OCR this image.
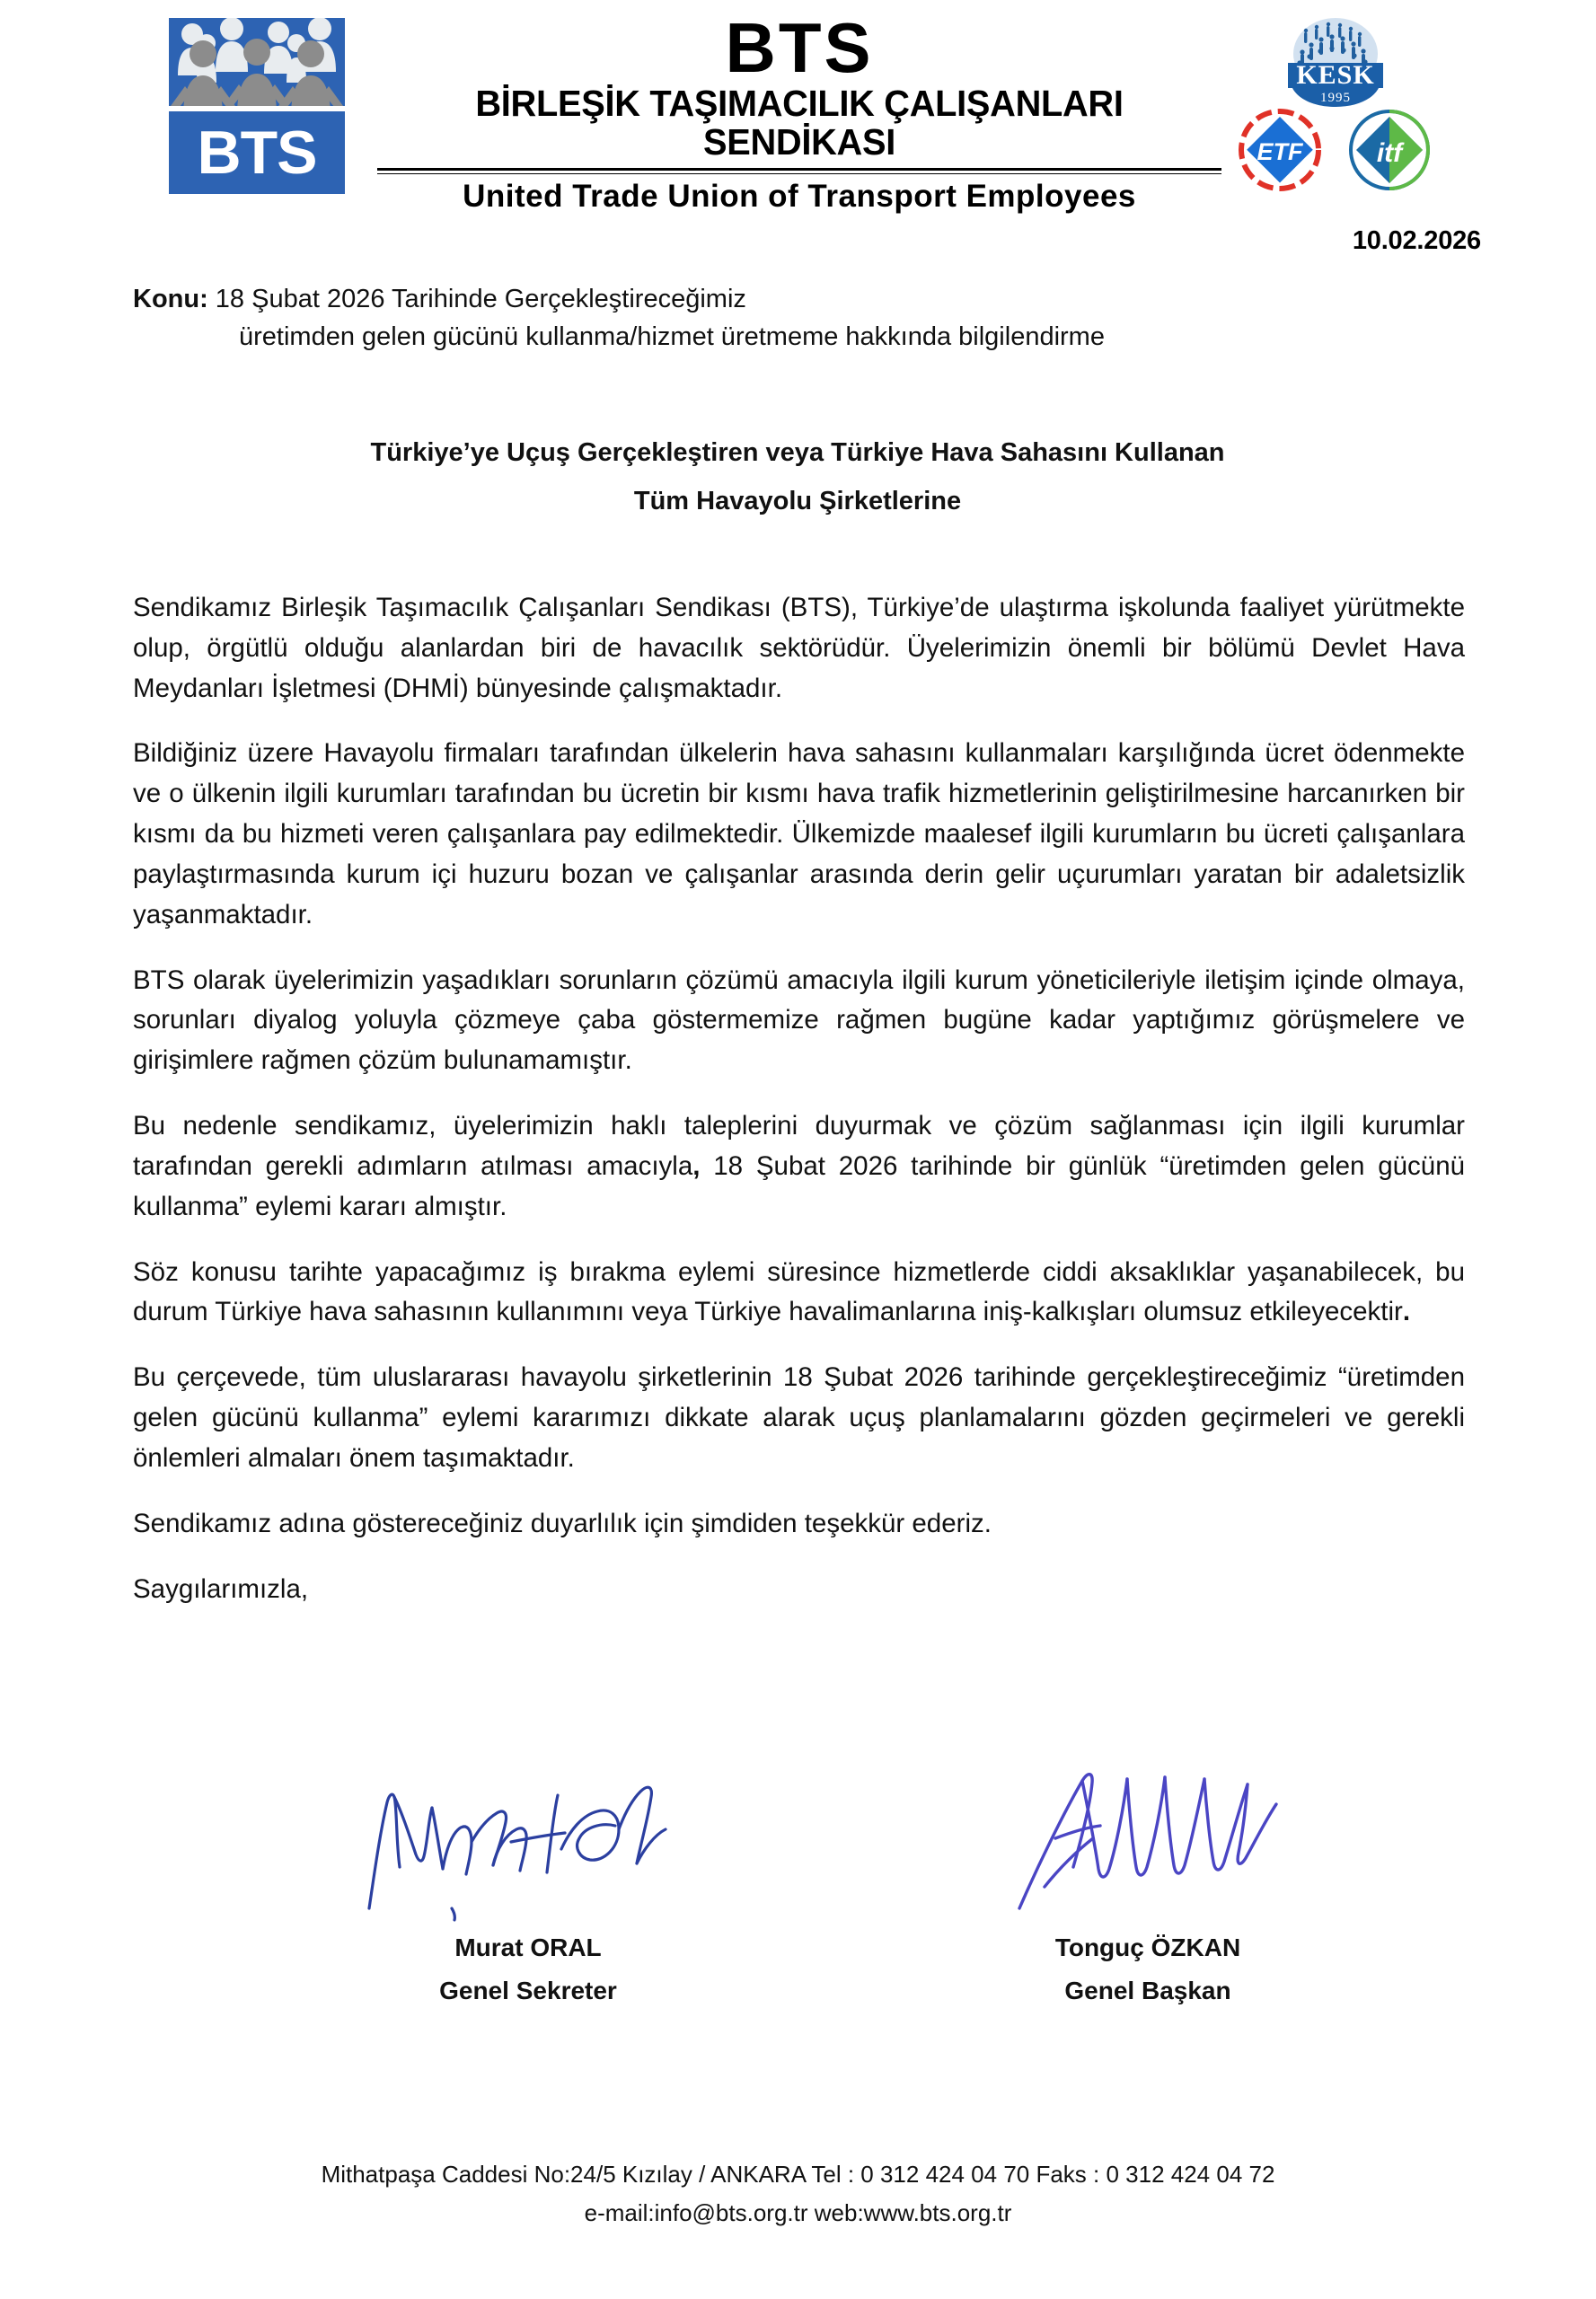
BTS
BTS
BİRLEŞİK TAŞIMACILIK ÇALIŞANLARI SENDİKASI
United Trade Union of Transport Employees
KESK
1995
ETF	itf
10.02.2026
Konu: 18 Şubat 2026 Tarihinde Gerçekleştireceğimiz
üretimden gelen gücünü kullanma/hizmet üretmeme hakkında bilgilendirme
Türkiye’ye Uçuş Gerçekleştiren veya Türkiye Hava Sahasını Kullanan
Tüm Havayolu Şirketlerine

Sendikamız Birleşik Taşımacılık Çalışanları Sendikası (BTS), Türkiye’de ulaştırma işkolunda faaliyet yürütmekte olup, örgütlü olduğu alanlardan biri de havacılık sektörüdür. Üyelerimizin önemli bir bölümü Devlet Hava Meydanları İşletmesi (DHMİ) bünyesinde çalışmaktadır.

Bildiğiniz üzere Havayolu firmaları tarafından ülkelerin hava sahasını kullanmaları karşılığında ücret ödenmekte ve o ülkenin ilgili kurumları tarafından bu ücretin bir kısmı hava trafik hizmetlerinin geliştirilmesine harcanırken bir kısmı da bu hizmeti veren çalışanlara pay edilmektedir. Ülkemizde maalesef ilgili kurumların bu ücreti çalışanlara paylaştırmasında kurum içi huzuru bozan ve çalışanlar arasında derin gelir uçurumları yaratan bir adaletsizlik yaşanmaktadır.

BTS olarak üyelerimizin yaşadıkları sorunların çözümü amacıyla ilgili kurum yöneticileriyle iletişim içinde olmaya, sorunları diyalog yoluyla çözmeye çaba göstermemize rağmen bugüne kadar yaptığımız görüşmelere ve girişimlere rağmen çözüm bulunamamıştır.

Bu nedenle sendikamız, üyelerimizin haklı taleplerini duyurmak ve çözüm sağlanması için ilgili kurumlar tarafından gerekli adımların atılması amacıyla, 18 Şubat 2026 tarihinde bir günlük “üretimden gelen gücünü kullanma” eylemi kararı almıştır.

Söz konusu tarihte yapacağımız iş bırakma eylemi süresince hizmetlerde ciddi aksaklıklar yaşanabilecek, bu durum Türkiye hava sahasının kullanımını veya Türkiye havalimanlarına iniş-kalkışları olumsuz etkileyecektir.

Bu çerçevede, tüm uluslararası havayolu şirketlerinin 18 Şubat 2026 tarihinde gerçekleştireceğimiz “üretimden gelen gücünü kullanma” eylemi kararımızı dikkate alarak uçuş planlamalarını gözden geçirmeleri ve gerekli önlemleri almaları önem taşımaktadır.

Sendikamız adına göstereceğiniz duyarlılık için şimdiden teşekkür ederiz.

Saygılarımızla,

Murat ORAL
Genel Sekreter
Tonguç ÖZKAN
Genel Başkan
Mithatpaşa Caddesi No:24/5 Kızılay / ANKARA Tel : 0 312 424 04 70 Faks : 0 312 424 04 72
e-mail:info@bts.org.tr web:www.bts.org.tr
